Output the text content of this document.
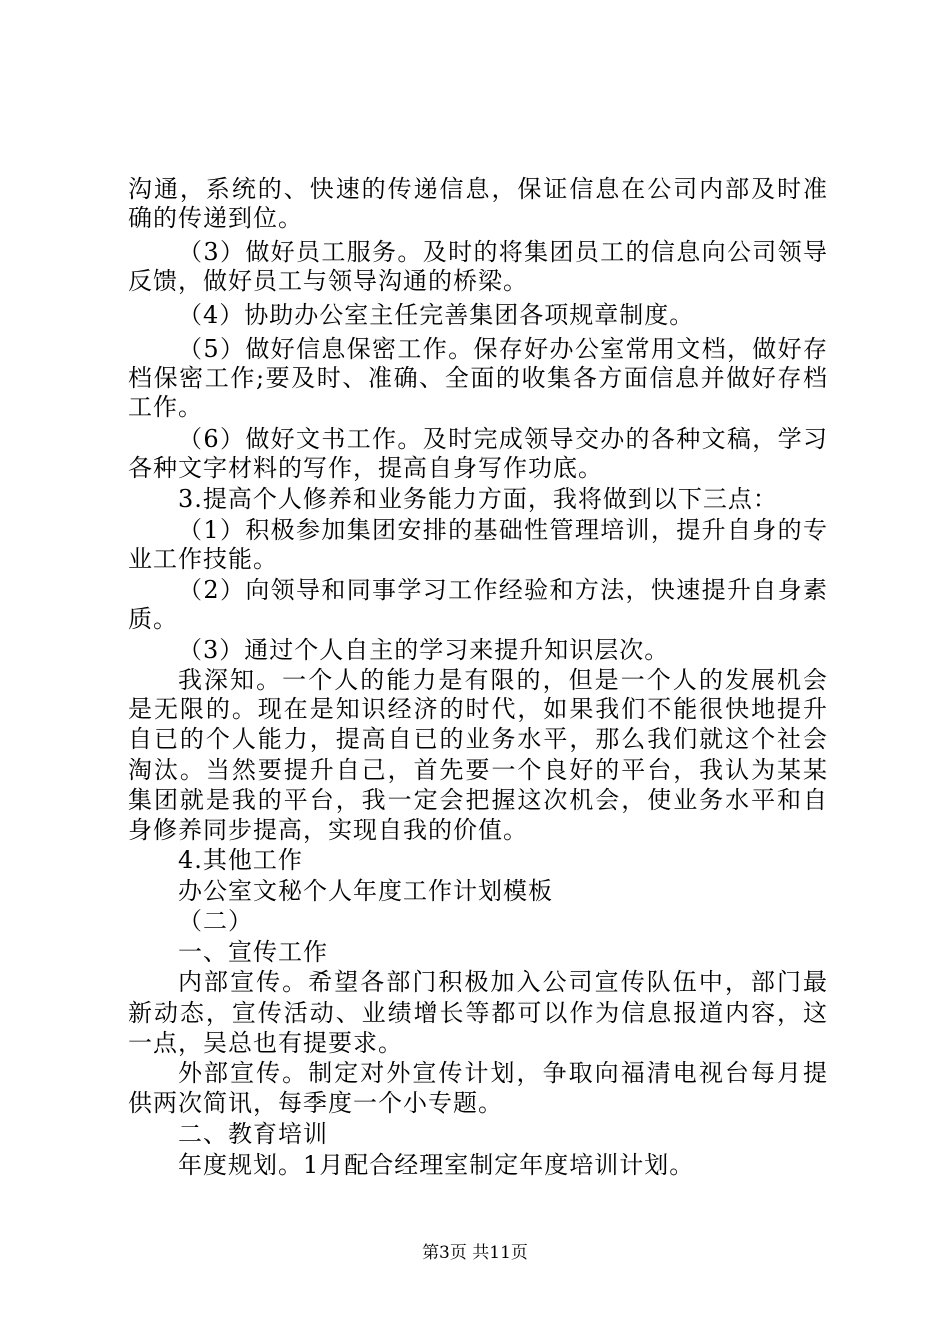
沟通，系统的、快速的传递信息，保证信息在公司内部及时准
确的传递到位。
（3）做好员工服务。及时的将集团员工的信息向公司领导
反馈，做好员工与领导沟通的桥梁。
（4）协助办公室主任完善集团各项规章制度。
（5）做好信息保密工作。保存好办公室常用文档，做好存
档保密工作;要及时、准确、全面的收集各方面信息并做好存档
工作。
（6）做好文书工作。及时完成领导交办的各种文稿，学习
各种文字材料的写作，提高自身写作功底。
3.提高个人修养和业务能力方面，我将做到以下三点：
（1）积极参加集团安排的基础性管理培训，提升自身的专
业工作技能。
（2）向领导和同事学习工作经验和方法，快速提升自身素
质。
（3）通过个人自主的学习来提升知识层次。
我深知。一个人的能力是有限的，但是一个人的发展机会
是无限的。现在是知识经济的时代，如果我们不能很快地提升
自已的个人能力，提高自已的业务水平，那么我们就这个社会
淘汰。当然要提升自己，首先要一个良好的平台，我认为某某
集团就是我的平台，我一定会把握这次机会，使业务水平和自
身修养同步提高，实现自我的价值。
4.其他工作
办公室文秘个人年度工作计划模板
（二）
一、宣传工作
内部宣传。希望各部门积极加入公司宣传队伍中，部门最
新动态，宣传活动、业绩增长等都可以作为信息报道内容，这
一点，吴总也有提要求。
外部宣传。制定对外宣传计划，争取向福清电视台每月提
供两次简讯，每季度一个小专题。
二、教育培训
年度规划。1月配合经理室制定年度培训计划。
第3页 共11页
